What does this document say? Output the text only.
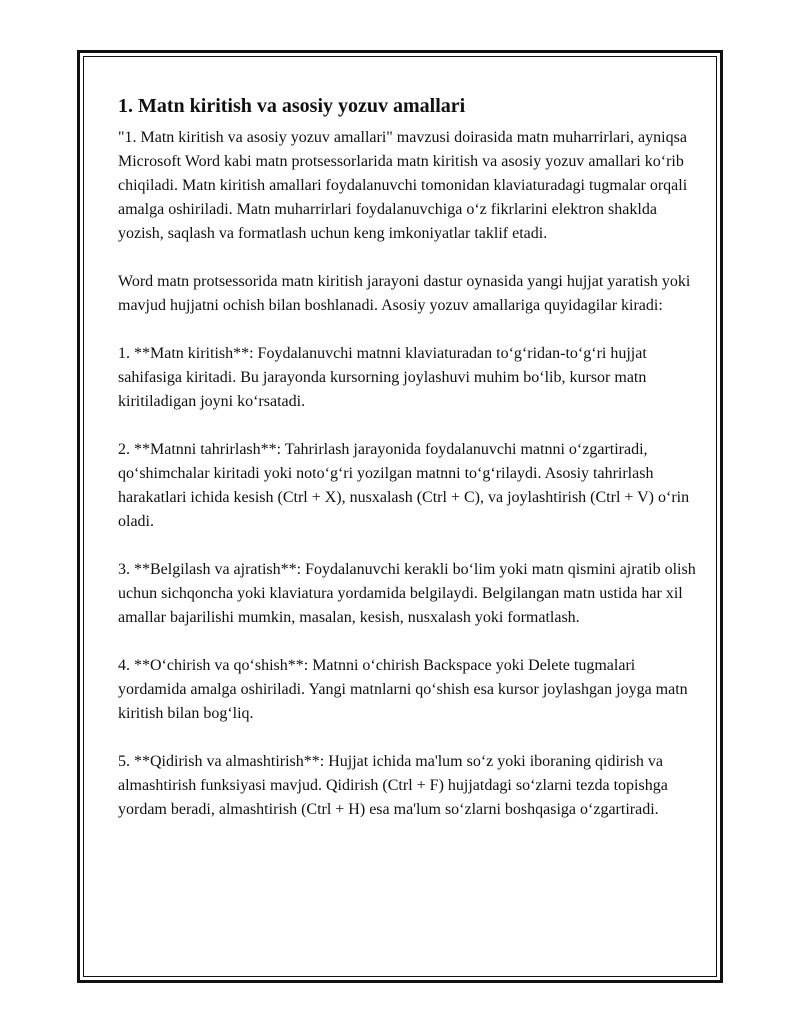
1. Matn kiritish va asosiy yozuv amallari

"1. Matn kiritish va asosiy yozuv amallari" mavzusi doirasida matn muharrirlari, ayniqsa Microsoft Word kabi matn protsessorlarida matn kiritish va asosiy yozuv amallari koʻrib chiqiladi. Matn kiritish amallari foydalanuvchi tomonidan klaviaturadagi tugmalar orqali amalga oshiriladi. Matn muharrirlari foydalanuvchiga oʻz fikrlarini elektron shaklda yozish, saqlash va formatlash uchun keng imkoniyatlar taklif etadi.

Word matn protsessorida matn kiritish jarayoni dastur oynasida yangi hujjat yaratish yoki mavjud hujjatni ochish bilan boshlanadi. Asosiy yozuv amallariga quyidagilar kiradi:

1. **Matn kiritish**: Foydalanuvchi matnni klaviaturadan toʻgʻridan-toʻgʻri hujjat sahifasiga kiritadi. Bu jarayonda kursorning joylashuvi muhim boʻlib, kursor matn kiritiladigan joyni koʻrsatadi.

2. **Matnni tahrirlash**: Tahrirlash jarayonida foydalanuvchi matnni oʻzgartiradi, qoʻshimchalar kiritadi yoki notoʻgʻri yozilgan matnni toʻgʻrilaydi. Asosiy tahrirlash harakatlari ichida kesish (Ctrl + X), nusxalash (Ctrl + C), va joylashtirish (Ctrl + V) oʻrin oladi.

3. **Belgilash va ajratish**: Foydalanuvchi kerakli boʻlim yoki matn qismini ajratib olish uchun sichqoncha yoki klaviatura yordamida belgilaydi. Belgilangan matn ustida har xil amallar bajarilishi mumkin, masalan, kesish, nusxalash yoki formatlash.

4. **Oʻchirish va qoʻshish**: Matnni oʻchirish Backspace yoki Delete tugmalari yordamida amalga oshiriladi. Yangi matnlarni qoʻshish esa kursor joylashgan joyga matn kiritish bilan bogʻliq.

5. **Qidirish va almashtirish**: Hujjat ichida ma'lum soʻz yoki iboraning qidirish va almashtirish funksiyasi mavjud. Qidirish (Ctrl + F) hujjatdagi soʻzlarni tezda topishga yordam beradi, almashtirish (Ctrl + H) esa ma'lum soʻzlarni boshqasiga oʻzgartiradi.
